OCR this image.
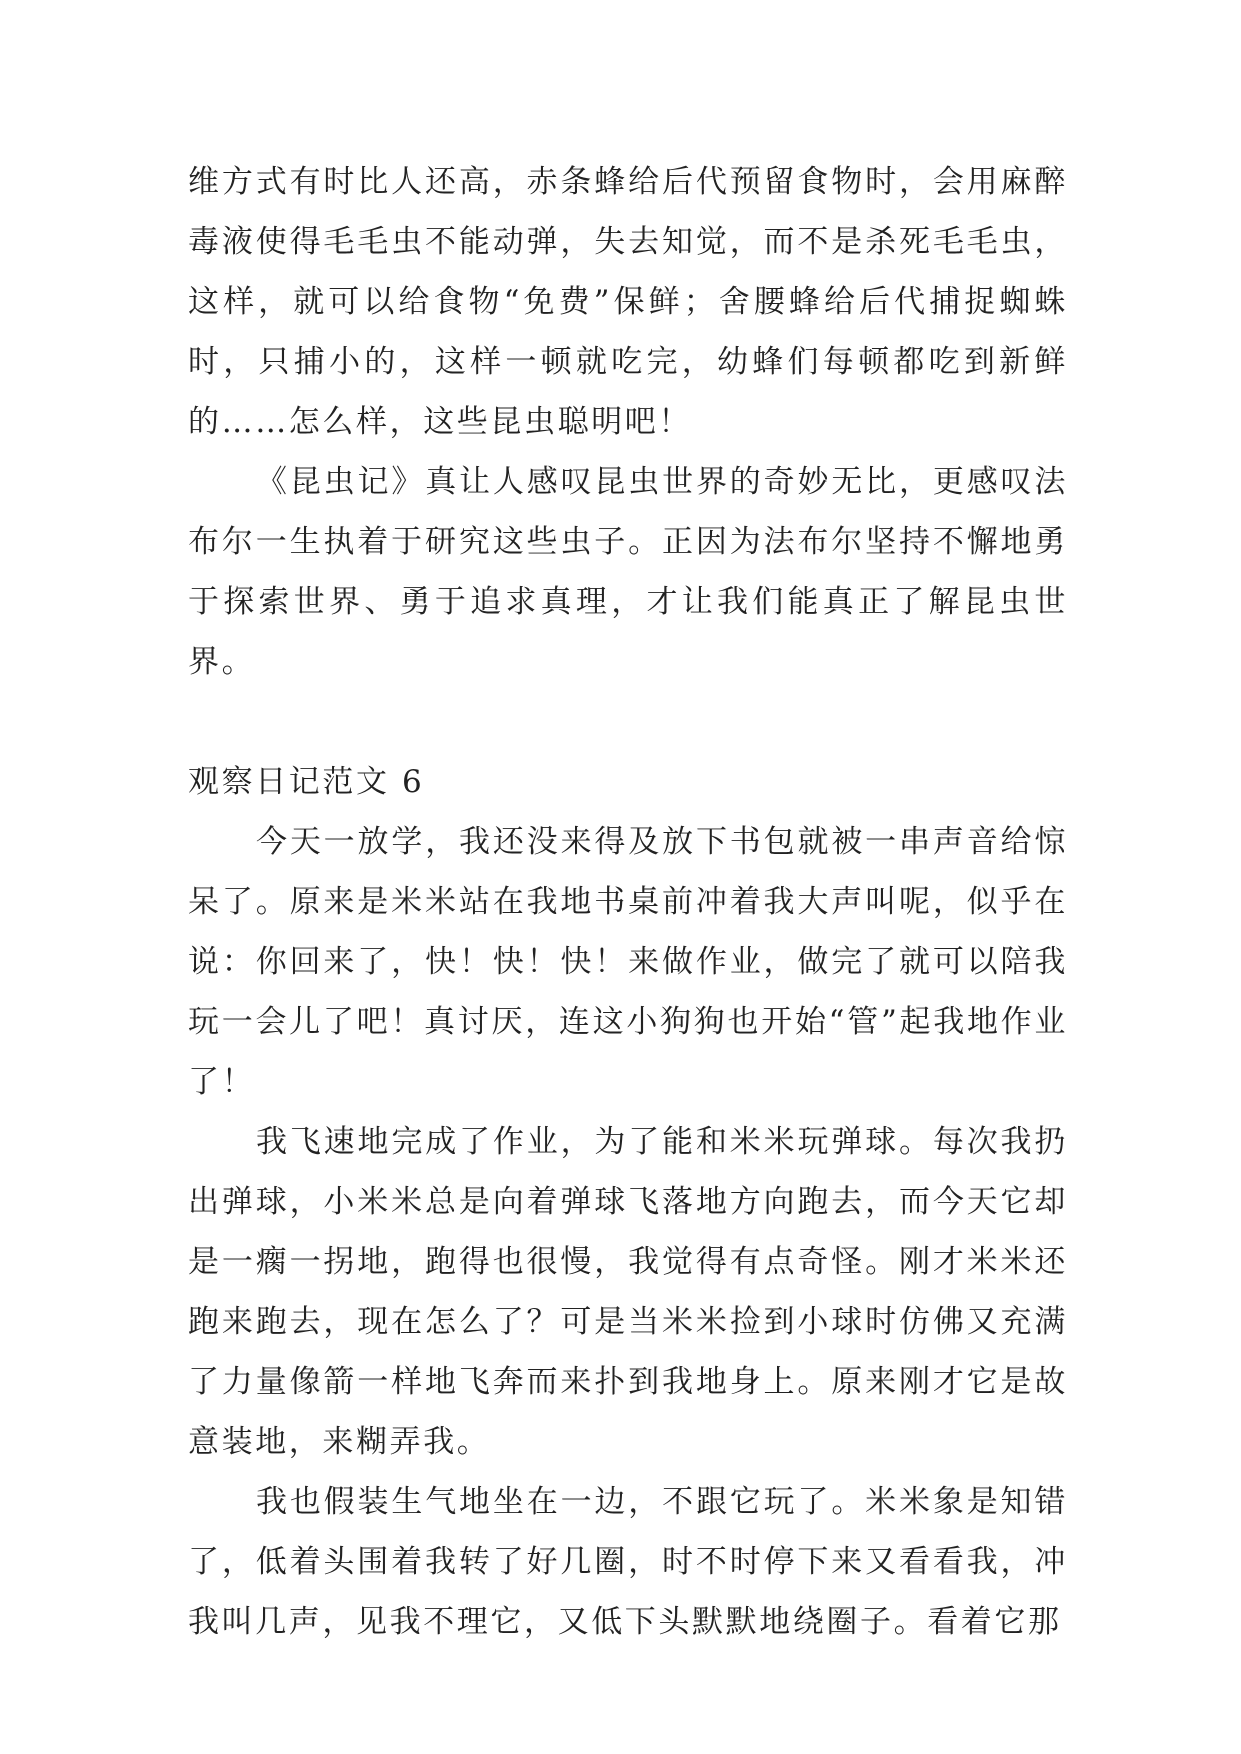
维方式有时比人还高，赤条蜂给后代预留食物时，会用麻醉毒液使得毛毛虫不能动弹，失去知觉，而不是杀死毛毛虫，这样，就可以给食物“免费”保鲜；舍腰蜂给后代捕捉蜘蛛时，只捕小的，这样一顿就吃完，幼蜂们每顿都吃到新鲜的……怎么样，这些昆虫聪明吧！

《昆虫记》真让人感叹昆虫世界的奇妙无比，更感叹法布尔一生执着于研究这些虫子。正因为法布尔坚持不懈地勇于探索世界、勇于追求真理，才让我们能真正了解昆虫世界。

观察日记范文 6

今天一放学，我还没来得及放下书包就被一串声音给惊呆了。原来是米米站在我地书桌前冲着我大声叫呢，似乎在说：你回来了，快！快！快！来做作业，做完了就可以陪我玩一会儿了吧！真讨厌，连这小狗狗也开始“管”起我地作业了！

我飞速地完成了作业，为了能和米米玩弹球。每次我扔出弹球，小米米总是向着弹球飞落地方向跑去，而今天它却是一瘸一拐地，跑得也很慢，我觉得有点奇怪。刚才米米还跑来跑去，现在怎么了？可是当米米捡到小球时仿佛又充满了力量像箭一样地飞奔而来扑到我地身上。原来刚才它是故意装地，来糊弄我。

我也假装生气地坐在一边，不跟它玩了。米米象是知错了，低着头围着我转了好几圈，时不时停下来又看看我，冲我叫几声，见我不理它，又低下头默默地绕圈子。看着它那
